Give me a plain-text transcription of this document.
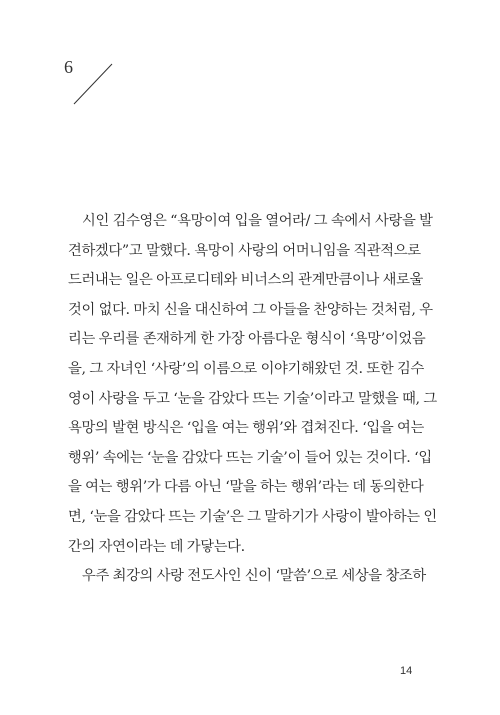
6

시인 김수영은 “욕망이여 입을 열어라/ 그 속에서 사랑을 발
견하겠다”고 말했다. 욕망이 사랑의 어머니임을 직관적으로
드러내는 일은 아프로디테와 비너스의 관계만큼이나 새로울
것이 없다. 마치 신을 대신하여 그 아들을 찬양하는 것처럼, 우
리는 우리를 존재하게 한 가장 아름다운 형식이 ‘욕망’이었음
을, 그 자녀인 ‘사랑’의 이름으로 이야기해왔던 것. 또한 김수
영이 사랑을 두고 ‘눈을 감았다 뜨는 기술’이라고 말했을 때, 그
욕망의 발현 방식은 ‘입을 여는 행위’와 겹쳐진다. ‘입을 여는
행위’ 속에는 ‘눈을 감았다 뜨는 기술’이 들어 있는 것이다. ‘입
을 여는 행위’가 다름 아닌 ‘말을 하는 행위’라는 데 동의한다
면, ‘눈을 감았다 뜨는 기술’은 그 말하기가 사랑이 발아하는 인
간의 자연이라는 데 가닿는다.

우주 최강의 사랑 전도사인 신이 ‘말씀’으로 세상을 창조하

14
